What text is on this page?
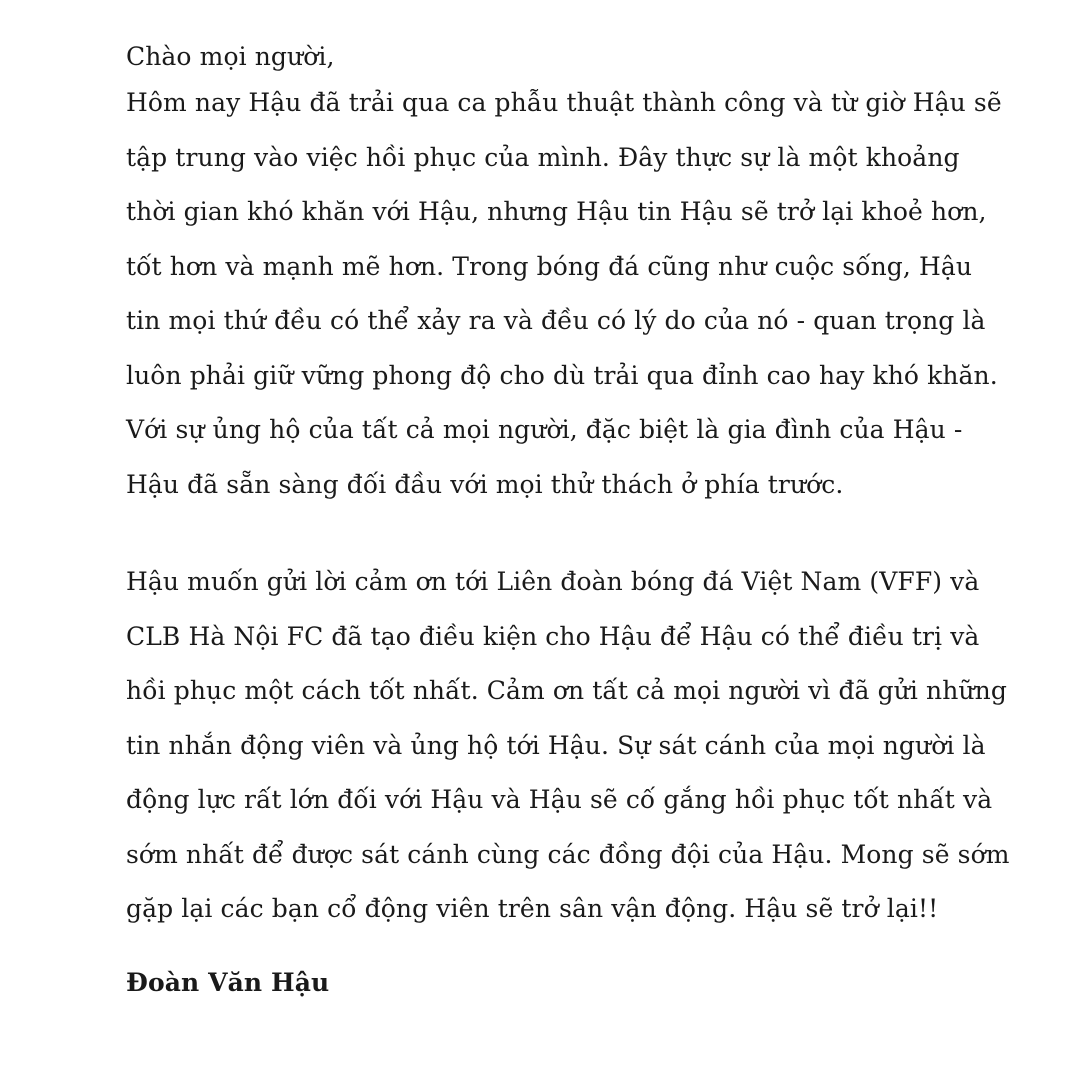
Chào mọi người,
Hôm nay Hậu đã trải qua ca phẫu thuật thành công và từ giờ Hậu sẽ
tập trung vào việc hồi phục của mình. Đây thực sự là một khoảng
thời gian khó khăn với Hậu, nhưng Hậu tin Hậu sẽ trở lại khoẻ hơn,
tốt hơn và mạnh mẽ hơn. Trong bóng đá cũng như cuộc sống, Hậu
tin mọi thứ đều có thể xảy ra và đều có lý do của nó - quan trọng là
luôn phải giữ vững phong độ cho dù trải qua đỉnh cao hay khó khăn.
Với sự ủng hộ của tất cả mọi người, đặc biệt là gia đình của Hậu -
Hậu đã sẵn sàng đối đầu với mọi thử thách ở phía trước.
Hậu muốn gửi lời cảm ơn tới Liên đoàn bóng đá Việt Nam (VFF) và
CLB Hà Nội FC đã tạo điều kiện cho Hậu để Hậu có thể điều trị và
hồi phục một cách tốt nhất. Cảm ơn tất cả mọi người vì đã gửi những
tin nhắn động viên và ủng hộ tới Hậu. Sự sát cánh của mọi người là
động lực rất lớn đối với Hậu và Hậu sẽ cố gắng hồi phục tốt nhất và
sớm nhất để được sát cánh cùng các đồng đội của Hậu. Mong sẽ sớm
gặp lại các bạn cổ động viên trên sân vận động. Hậu sẽ trở lại!!
Đoàn Văn Hậu
